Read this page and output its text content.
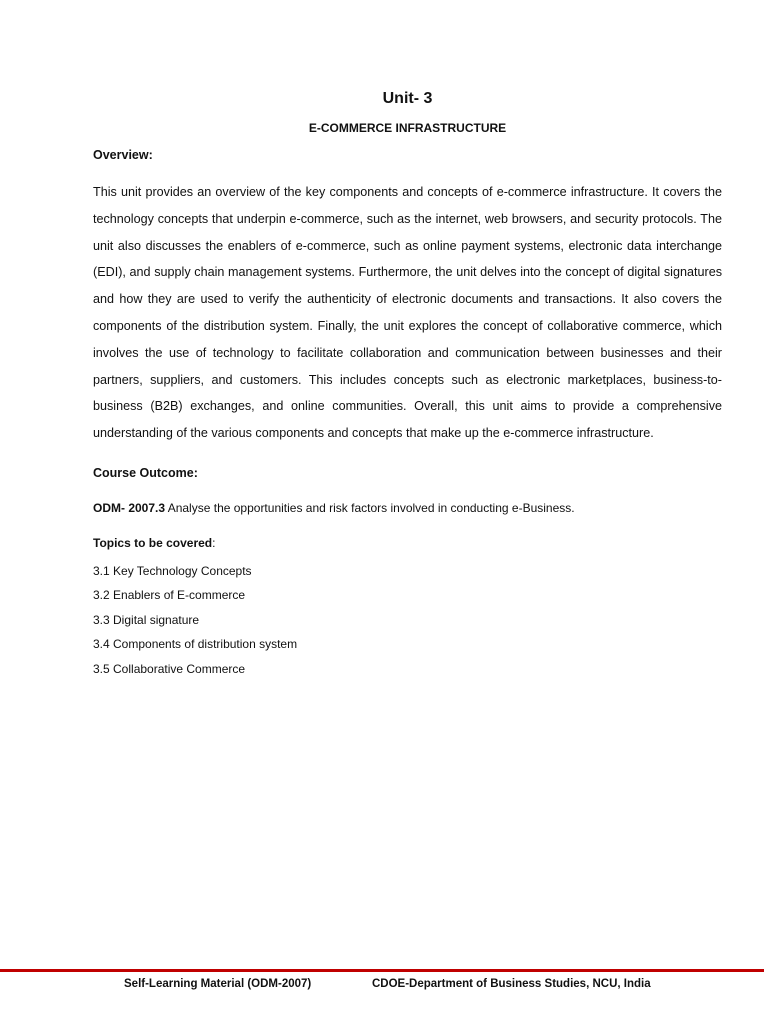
Unit- 3
E-COMMERCE INFRASTRUCTURE
Overview:

This unit provides an overview of the key components and concepts of e-commerce infrastructure. It covers the technology concepts that underpin e-commerce, such as the internet, web browsers, and security protocols. The unit also discusses the enablers of e-commerce, such as online payment systems, electronic data interchange (EDI), and supply chain management systems. Furthermore, the unit delves into the concept of digital signatures and how they are used to verify the authenticity of electronic documents and transactions. It also covers the components of the distribution system. Finally, the unit explores the concept of collaborative commerce, which involves the use of technology to facilitate collaboration and communication between businesses and their partners, suppliers, and customers. This includes concepts such as electronic marketplaces, business-to-business (B2B) exchanges, and online communities. Overall, this unit aims to provide a comprehensive understanding of the various components and concepts that make up the e-commerce infrastructure.

Course Outcome:

ODM- 2007.3 Analyse the opportunities and risk factors involved in conducting e-Business.

Topics to be covered:

3.1 Key Technology Concepts
3.2 Enablers of E-commerce
3.3 Digital signature
3.4 Components of distribution system
3.5 Collaborative Commerce
Self-Learning Material (ODM-2007)	CDOE-Department of Business Studies, NCU, India
